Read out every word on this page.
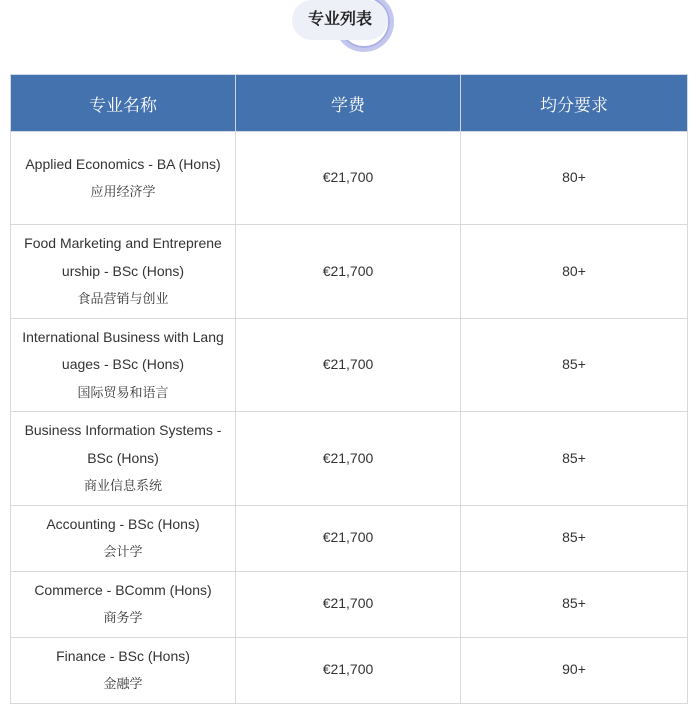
专业列表
专业名称	学费	均分要求

Applied Economics - BA (Hons)
应用经济学	€21,700	80+

Food Marketing and Entrepreneurship - BSc (Hons)
食品营销与创业	€21,700	80+

International Business with Languages - BSc (Hons)
国际贸易和语言	€21,700	85+

Business Information Systems - BSc (Hons)
商业信息系统	€21,700	85+

Accounting - BSc (Hons)
会计学	€21,700	85+

Commerce - BComm (Hons)
商务学	€21,700	85+

Finance - BSc (Hons)
金融学	€21,700	90+
